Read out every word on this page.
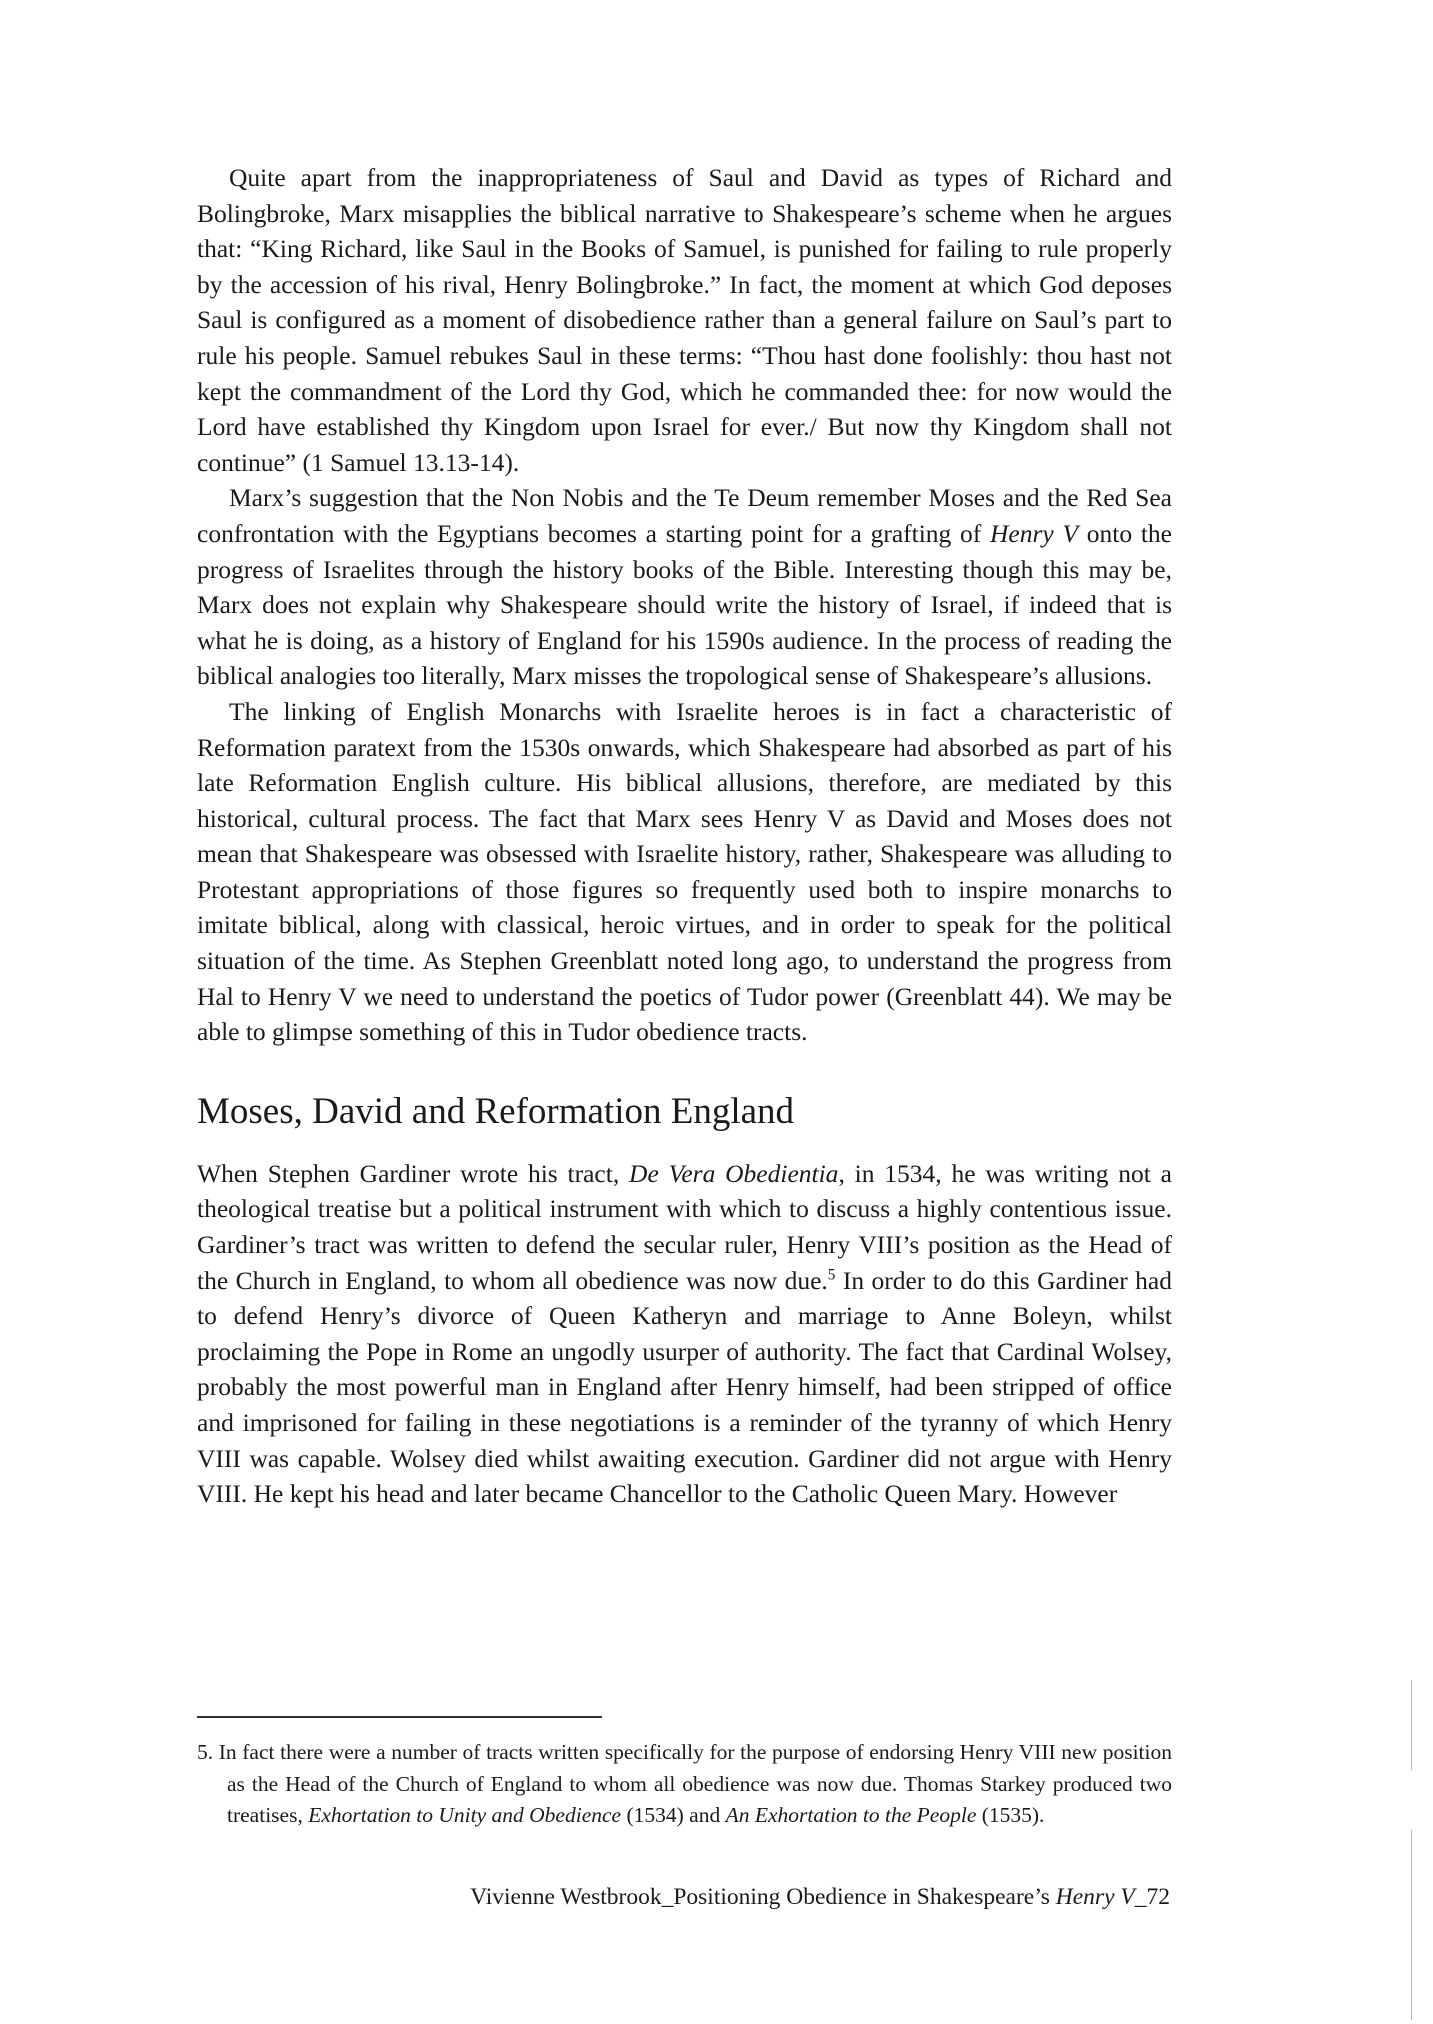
Quite apart from the inappropriateness of Saul and David as types of Richard and Bolingbroke, Marx misapplies the biblical narrative to Shakespeare’s scheme when he argues that: “King Richard, like Saul in the Books of Samuel, is punished for failing to rule properly by the accession of his rival, Henry Bolingbroke.” In fact, the moment at which God deposes Saul is configured as a moment of disobedience rather than a general failure on Saul’s part to rule his people. Samuel rebukes Saul in these terms: “Thou hast done foolishly: thou hast not kept the commandment of the Lord thy God, which he commanded thee: for now would the Lord have established thy Kingdom upon Israel for ever./ But now thy Kingdom shall not continue” (1 Samuel 13.13-14).

Marx’s suggestion that the Non Nobis and the Te Deum remember Moses and the Red Sea confrontation with the Egyptians becomes a starting point for a grafting of Henry V onto the progress of Israelites through the history books of the Bible. Interesting though this may be, Marx does not explain why Shakespeare should write the history of Israel, if indeed that is what he is doing, as a history of England for his 1590s audience. In the process of reading the biblical analogies too literally, Marx misses the tropological sense of Shakespeare’s allusions.

The linking of English Monarchs with Israelite heroes is in fact a characteristic of Reformation paratext from the 1530s onwards, which Shakespeare had absorbed as part of his late Reformation English culture. His biblical allusions, therefore, are mediated by this historical, cultural process. The fact that Marx sees Henry V as David and Moses does not mean that Shakespeare was obsessed with Israelite history, rather, Shakespeare was alluding to Protestant appropriations of those figures so frequently used both to inspire monarchs to imitate biblical, along with classical, heroic virtues, and in order to speak for the political situation of the time. As Stephen Greenblatt noted long ago, to understand the progress from Hal to Henry V we need to understand the poetics of Tudor power (Greenblatt 44). We may be able to glimpse something of this in Tudor obedience tracts.

Moses, David and Reformation England

When Stephen Gardiner wrote his tract, De Vera Obedientia, in 1534, he was writing not a theological treatise but a political instrument with which to discuss a highly contentious issue. Gardiner’s tract was written to defend the secular ruler, Henry VIII’s position as the Head of the Church in England, to whom all obedience was now due.$^5$ In order to do this Gardiner had to defend Henry’s divorce of Queen Katheryn and marriage to Anne Boleyn, whilst proclaiming the Pope in Rome an ungodly usurper of authority. The fact that Cardinal Wolsey, probably the most powerful man in England after Henry himself, had been stripped of office and imprisoned for failing in these negotiations is a reminder of the tyranny of which Henry VIII was capable. Wolsey died whilst awaiting execution. Gardiner did not argue with Henry VIII. He kept his head and later became Chancellor to the Catholic Queen Mary. However

5. In fact there were a number of tracts written specifically for the purpose of endorsing Henry VIII new position as the Head of the Church of England to whom all obedience was now due. Thomas Starkey produced two treatises, Exhortation to Unity and Obedience (1534) and An Exhortation to the People (1535).

Vivienne Westbrook_Positioning Obedience in Shakespeare’s Henry V_72
